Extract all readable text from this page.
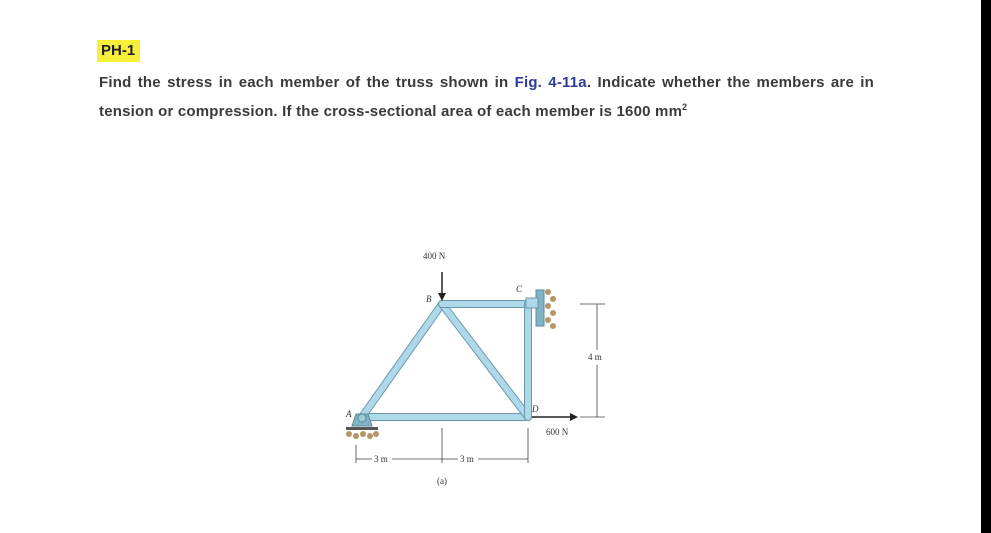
PH-1
Find the stress in each member of the truss shown in Fig. 4-11a. Indicate whether the members are in tension or compression. If the cross-sectional area of each member is 1600 $mm^2$
400 N
600 N
A
B
C
D
4 m
3 m	3 m
(a)
